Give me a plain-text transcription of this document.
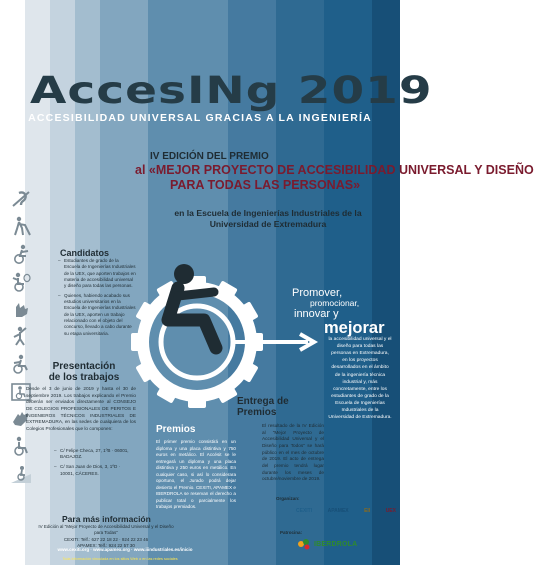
AccesINg 2019
ACCESIBILIDAD UNIVERSAL GRACIAS A LA INGENIERÍA
IV EDICIÓN DEL PREMIO
al «MEJOR PROYECTO DE ACCESIBILIDAD UNIVERSAL Y DISEÑO
PARA TODAS LAS PERSONAS»
en la Escuela de Ingenierías Industriales de la
Universidad de Extremadura
Candidatos
– Estudiantes de grado de la Escuela de Ingenierías Industriales de la UEX, que aporten trabajos en materia de accesibilidad universal y diseño para todas las personas.
– Quienes, habiendo acabado sus estudios universitarios en la Escuela de Ingenierías Industriales de la UEX, aporten un trabajo relacionado con el objeto del concurso, llevado a cabo durante su etapa universitaria.
Promover,
promocionar,
innovar y
mejorar
la accesibilidad universal y el diseño para todas las personas en Extremadura, en los proyectos desarrollados en el ámbito de la ingeniería técnica industrial y, más concretamente, entre los estudiantes de grado de la Escuela de Ingenierías Industriales de la Universidad de Extremadura.
Presentación
de los trabajos
Desde el 3 de junio de 2019 y hasta el 30 de septiembre 2019. Los trabajos explicando el Premio deberán ser enviados directamente al CONSEJO DE COLEGIOS PROFESIONALES DE PERITOS E INGENIEROS TÉCNICOS INDUSTRIALES DE EXTREMADURA, en las sedes de cualquiera de los Colegios Profesionales que lo componen:
– C/ Felipe Checa, 27, 1ºB · 06001, BADAJOZ.
– C/ San Juan de Dios, 3, 1ºD · 10001, CÁCERES.
Premios
El primer premio consistirá en un diploma y una placa distintiva y 750 euros en metálico. El Accésit se le entregará un diploma y una placa distintiva y 250 euros en metálico. En cualquier caso, si así lo considerara oportuno, el Jurado podrá dejar desierto el Premio. CEXITI, APAMEX e IBERDROLA se reservan el derecho a publicar total o parcialmente los trabajos premiados.
Entrega de
Premios
El resultado de la IV Edición al "Mejor Proyecto de Accesibilidad Universal y el Diseño para Todos" se hará público en el mes de octubre de 2019. El acto de entrega del premio tendrá lugar durante los meses de octubre/noviembre de 2019.
Para más información
IV Edición al "Mejor Proyecto de Accesibilidad Universal y el Diseño para Todas"
CEXITI: Telf.: 627 22 18 22 · 924 22 23 46
APAMEX: Telf.: 924 22 57 30
www.cexiti.org · www.apamex.org · www.iiindustriales.es/inicio
Toda información vinculada en los sitios Web o en las redes sociales
Organizan:
CEXITI	APAMEX	EII	UEX
Patrocina:
IBERDROLA
